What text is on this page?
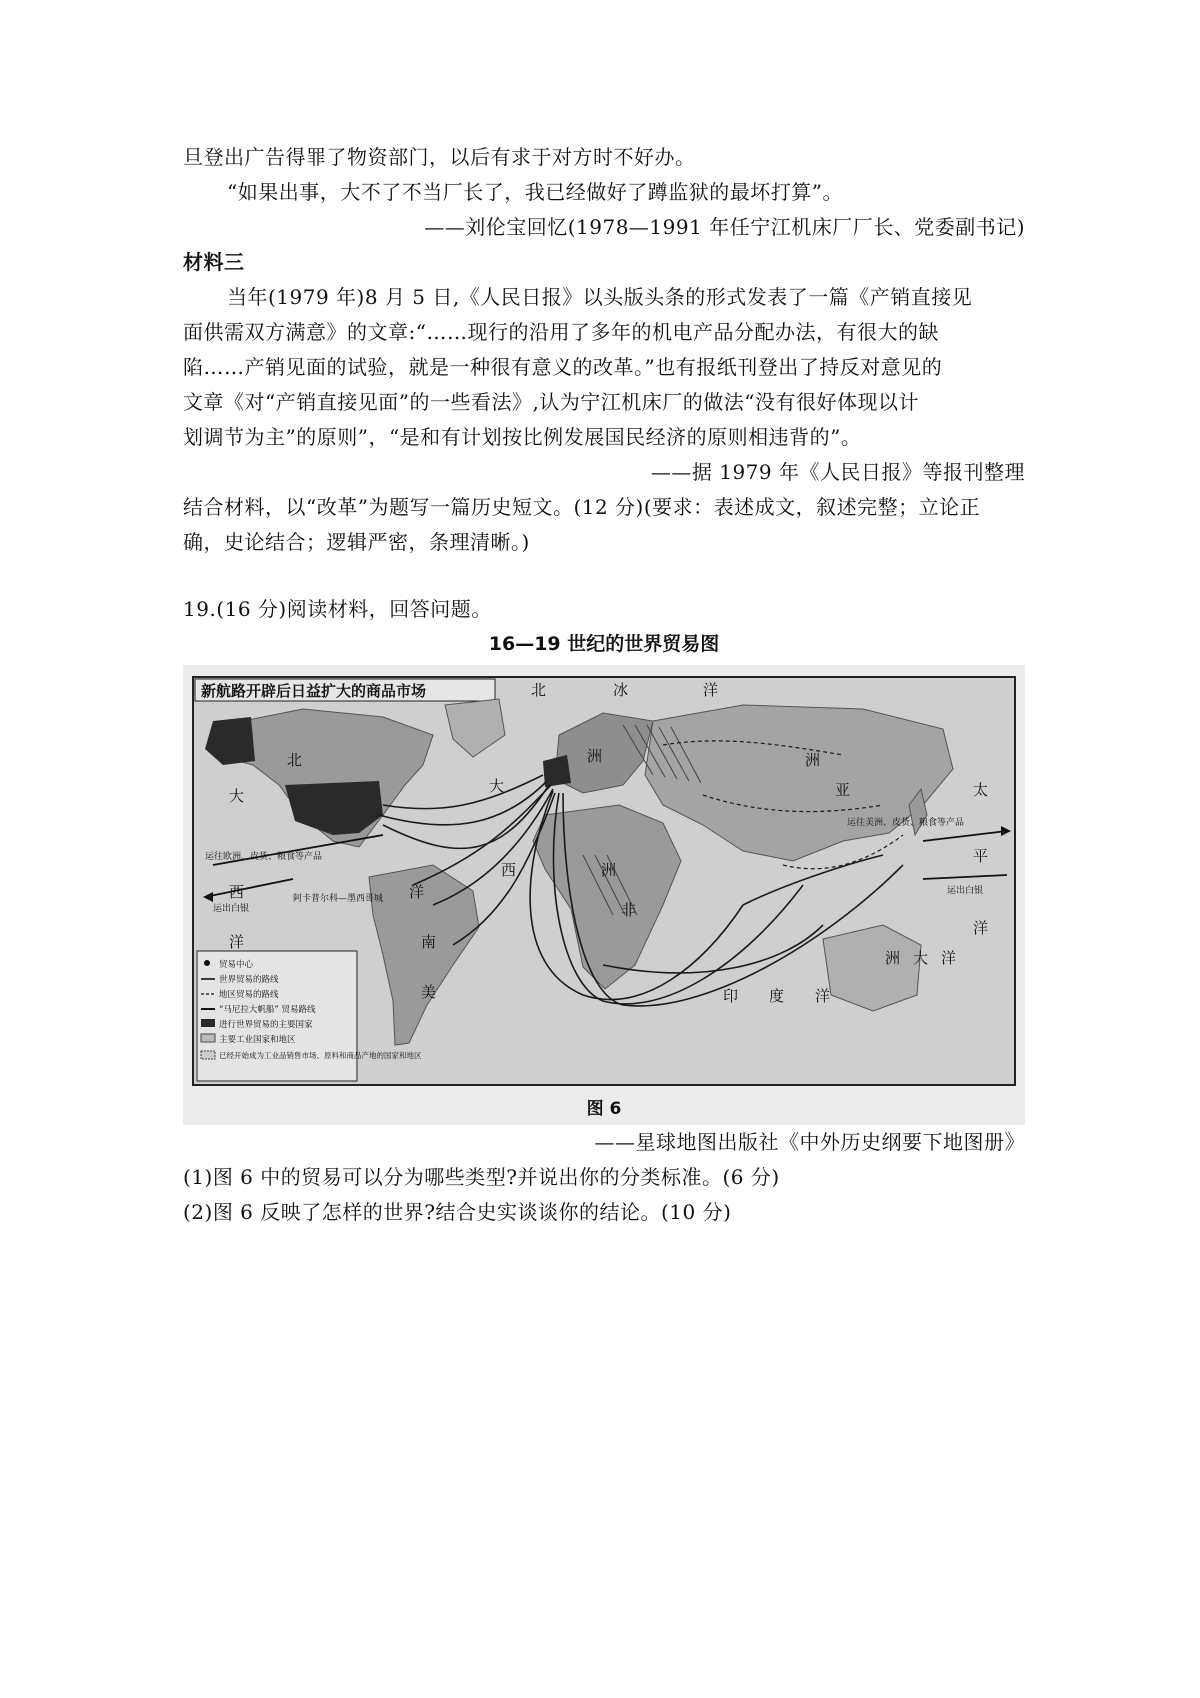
旦登出广告得罪了物资部门，以后有求于对方时不好办。
“如果出事，大不了不当厂长了，我已经做好了蹲监狱的最坏打算”。
——刘伦宝回忆(1978—1991 年任宁江机床厂厂长、党委副书记)
材料三
当年(1979 年)8 月 5 日,《人民日报》以头版头条的形式发表了一篇《产销直接见
面供需双方满意》的文章:“……现行的沿用了多年的机电产品分配办法，有很大的缺
陷……产销见面的试验，就是一种很有意义的改革。”也有报纸刊登出了持反对意见的
文章《对“产销直接见面”的一些看法》,认为宁江机床厂的做法“没有很好体现以计
划调节为主”的原则”，“是和有计划按比例发展国民经济的原则相违背的”。
——据 1979 年《人民日报》等报刊整理
结合材料，以“改革”为题写一篇历史短文。(12 分)(要求：表述成文，叙述完整；立论正
确，史论结合；逻辑严密，条理清晰。)
19.(16 分)阅读材料，回答问题。
16—19 世纪的世界贸易图
新航路开辟后日益扩大的商品市场
运往欧洲、皮货、粮食等产品
运出白银
阿卡普尔科—墨西哥城
运往美洲、皮货、粮食等产品
运出白银
北	冰	洋
大
西
洋
太
平
洋
印 度 洋
北
大
西
洋
南
美
洲
非
洲
亚
洲 大 洋
洲
贸易中心
世界贸易的路线
地区贸易的路线
“马尼拉大帆船” 贸易路线
进行世界贸易的主要国家
主要工业国家和地区
已经开始成为工业品销售市场、原料和商品产地的国家和地区
图 6
——星球地图出版社《中外历史纲要下地图册》
(1)图 6 中的贸易可以分为哪些类型?并说出你的分类标准。(6 分)
(2)图 6 反映了怎样的世界?结合史实谈谈你的结论。(10 分)
